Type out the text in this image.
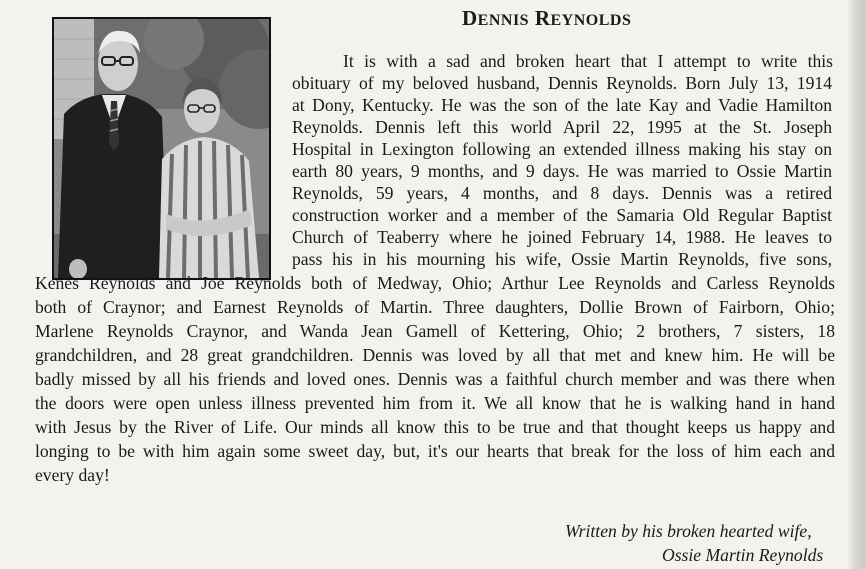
DENNIS REYNOLDS
It is with a sad and broken heart that I attempt to write this
obituary of my beloved husband, Dennis Reynolds. Born July 13, 1914
at Dony, Kentucky. He was the son of the late Kay and Vadie Hamilton
Reynolds. Dennis left this world April 22, 1995 at the St. Joseph
Hospital in Lexington following an extended illness making his stay on
earth 80 years, 9 months, and 9 days. He was married to Ossie Martin
Reynolds, 59 years, 4 months, and 8 days. Dennis was a retired
construction worker and a member of the Samaria Old Regular Baptist
Church of Teaberry where he joined February 14, 1988. He leaves to
pass his in his mourning his wife, Ossie Martin Reynolds, five sons,
Kenes Reynolds and Joe Reynolds both of Medway, Ohio; Arthur Lee Reynolds and Carless Reynolds
both of Craynor; and Earnest Reynolds of Martin. Three daughters, Dollie Brown of Fairborn, Ohio;
Marlene Reynolds Craynor, and Wanda Jean Gamell of Kettering, Ohio; 2 brothers, 7 sisters, 18
grandchildren, and 28 great grandchildren. Dennis was loved by all that met and knew him. He will be
badly missed by all his friends and loved ones. Dennis was a faithful church member and was there when
the doors were open unless illness prevented him from it. We all know that he is walking hand in hand
with Jesus by the River of Life. Our minds all know this to be true and that thought keeps us happy and
longing to be with him again some sweet day, but, it's our hearts that break for the loss of him each and
every day!
Written by his broken hearted wife,
Ossie Martin Reynolds
